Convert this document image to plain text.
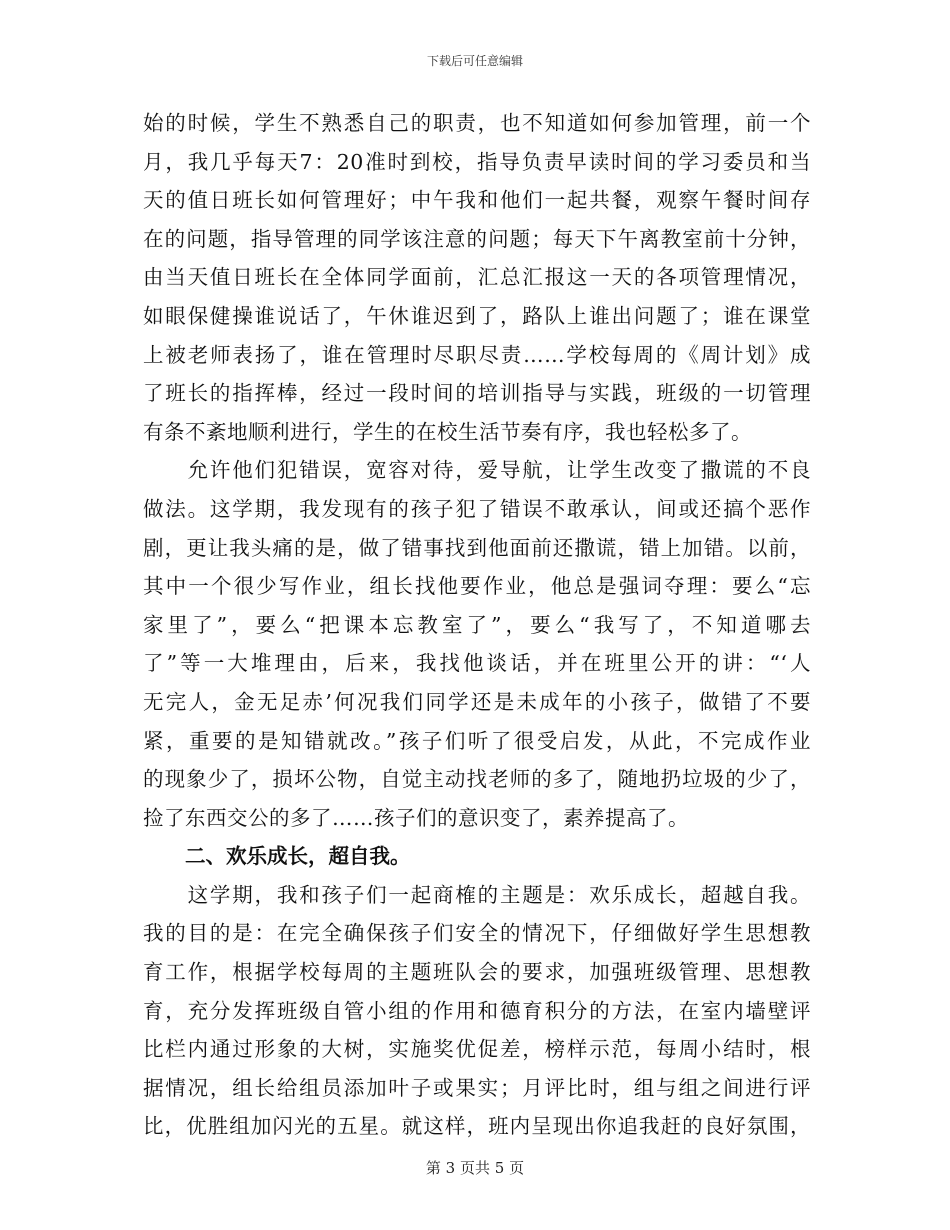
下载后可任意编辑

始的时候，学生不熟悉自己的职责，也不知道如何参加管理，前一个
月，我几乎每天7：20准时到校，指导负责早读时间的学习委员和当
天的值日班长如何管理好；中午我和他们一起共餐，观察午餐时间存
在的问题，指导管理的同学该注意的问题；每天下午离教室前十分钟，
由当天值日班长在全体同学面前，汇总汇报这一天的各项管理情况，
如眼保健操谁说话了，午休谁迟到了，路队上谁出问题了；谁在课堂
上被老师表扬了，谁在管理时尽职尽责……学校每周的《周计划》成
了班长的指挥棒，经过一段时间的培训指导与实践，班级的一切管理
有条不紊地顺利进行，学生的在校生活节奏有序，我也轻松多了。

　　允许他们犯错误，宽容对待，爱导航，让学生改变了撒谎的不良
做法。这学期，我发现有的孩子犯了错误不敢承认，间或还搞个恶作
剧，更让我头痛的是，做了错事找到他面前还撒谎，错上加错。以前，
其中一个很少写作业，组长找他要作业，他总是强词夺理：要么“忘
家里了”，要么“把课本忘教室了”，要么“我写了，不知道哪去
了”等一大堆理由，后来，我找他谈话，并在班里公开的讲：“‘人
无完人，金无足赤’何况我们同学还是未成年的小孩子，做错了不要
紧，重要的是知错就改。”孩子们听了很受启发，从此，不完成作业
的现象少了，损坏公物，自觉主动找老师的多了，随地扔垃圾的少了，
捡了东西交公的多了……孩子们的意识变了，素养提高了。

二、欢乐成长，超自我。

　　这学期，我和孩子们一起商榷的主题是：欢乐成长，超越自我。
我的目的是：在完全确保孩子们安全的情况下，仔细做好学生思想教
育工作，根据学校每周的主题班队会的要求，加强班级管理、思想教
育，充分发挥班级自管小组的作用和德育积分的方法，在室内墙壁评
比栏内通过形象的大树，实施奖优促差，榜样示范，每周小结时，根
据情况，组长给组员添加叶子或果实；月评比时，组与组之间进行评
比，优胜组加闪光的五星。就这样，班内呈现出你追我赶的良好氛围，

第 3 页共 5 页
